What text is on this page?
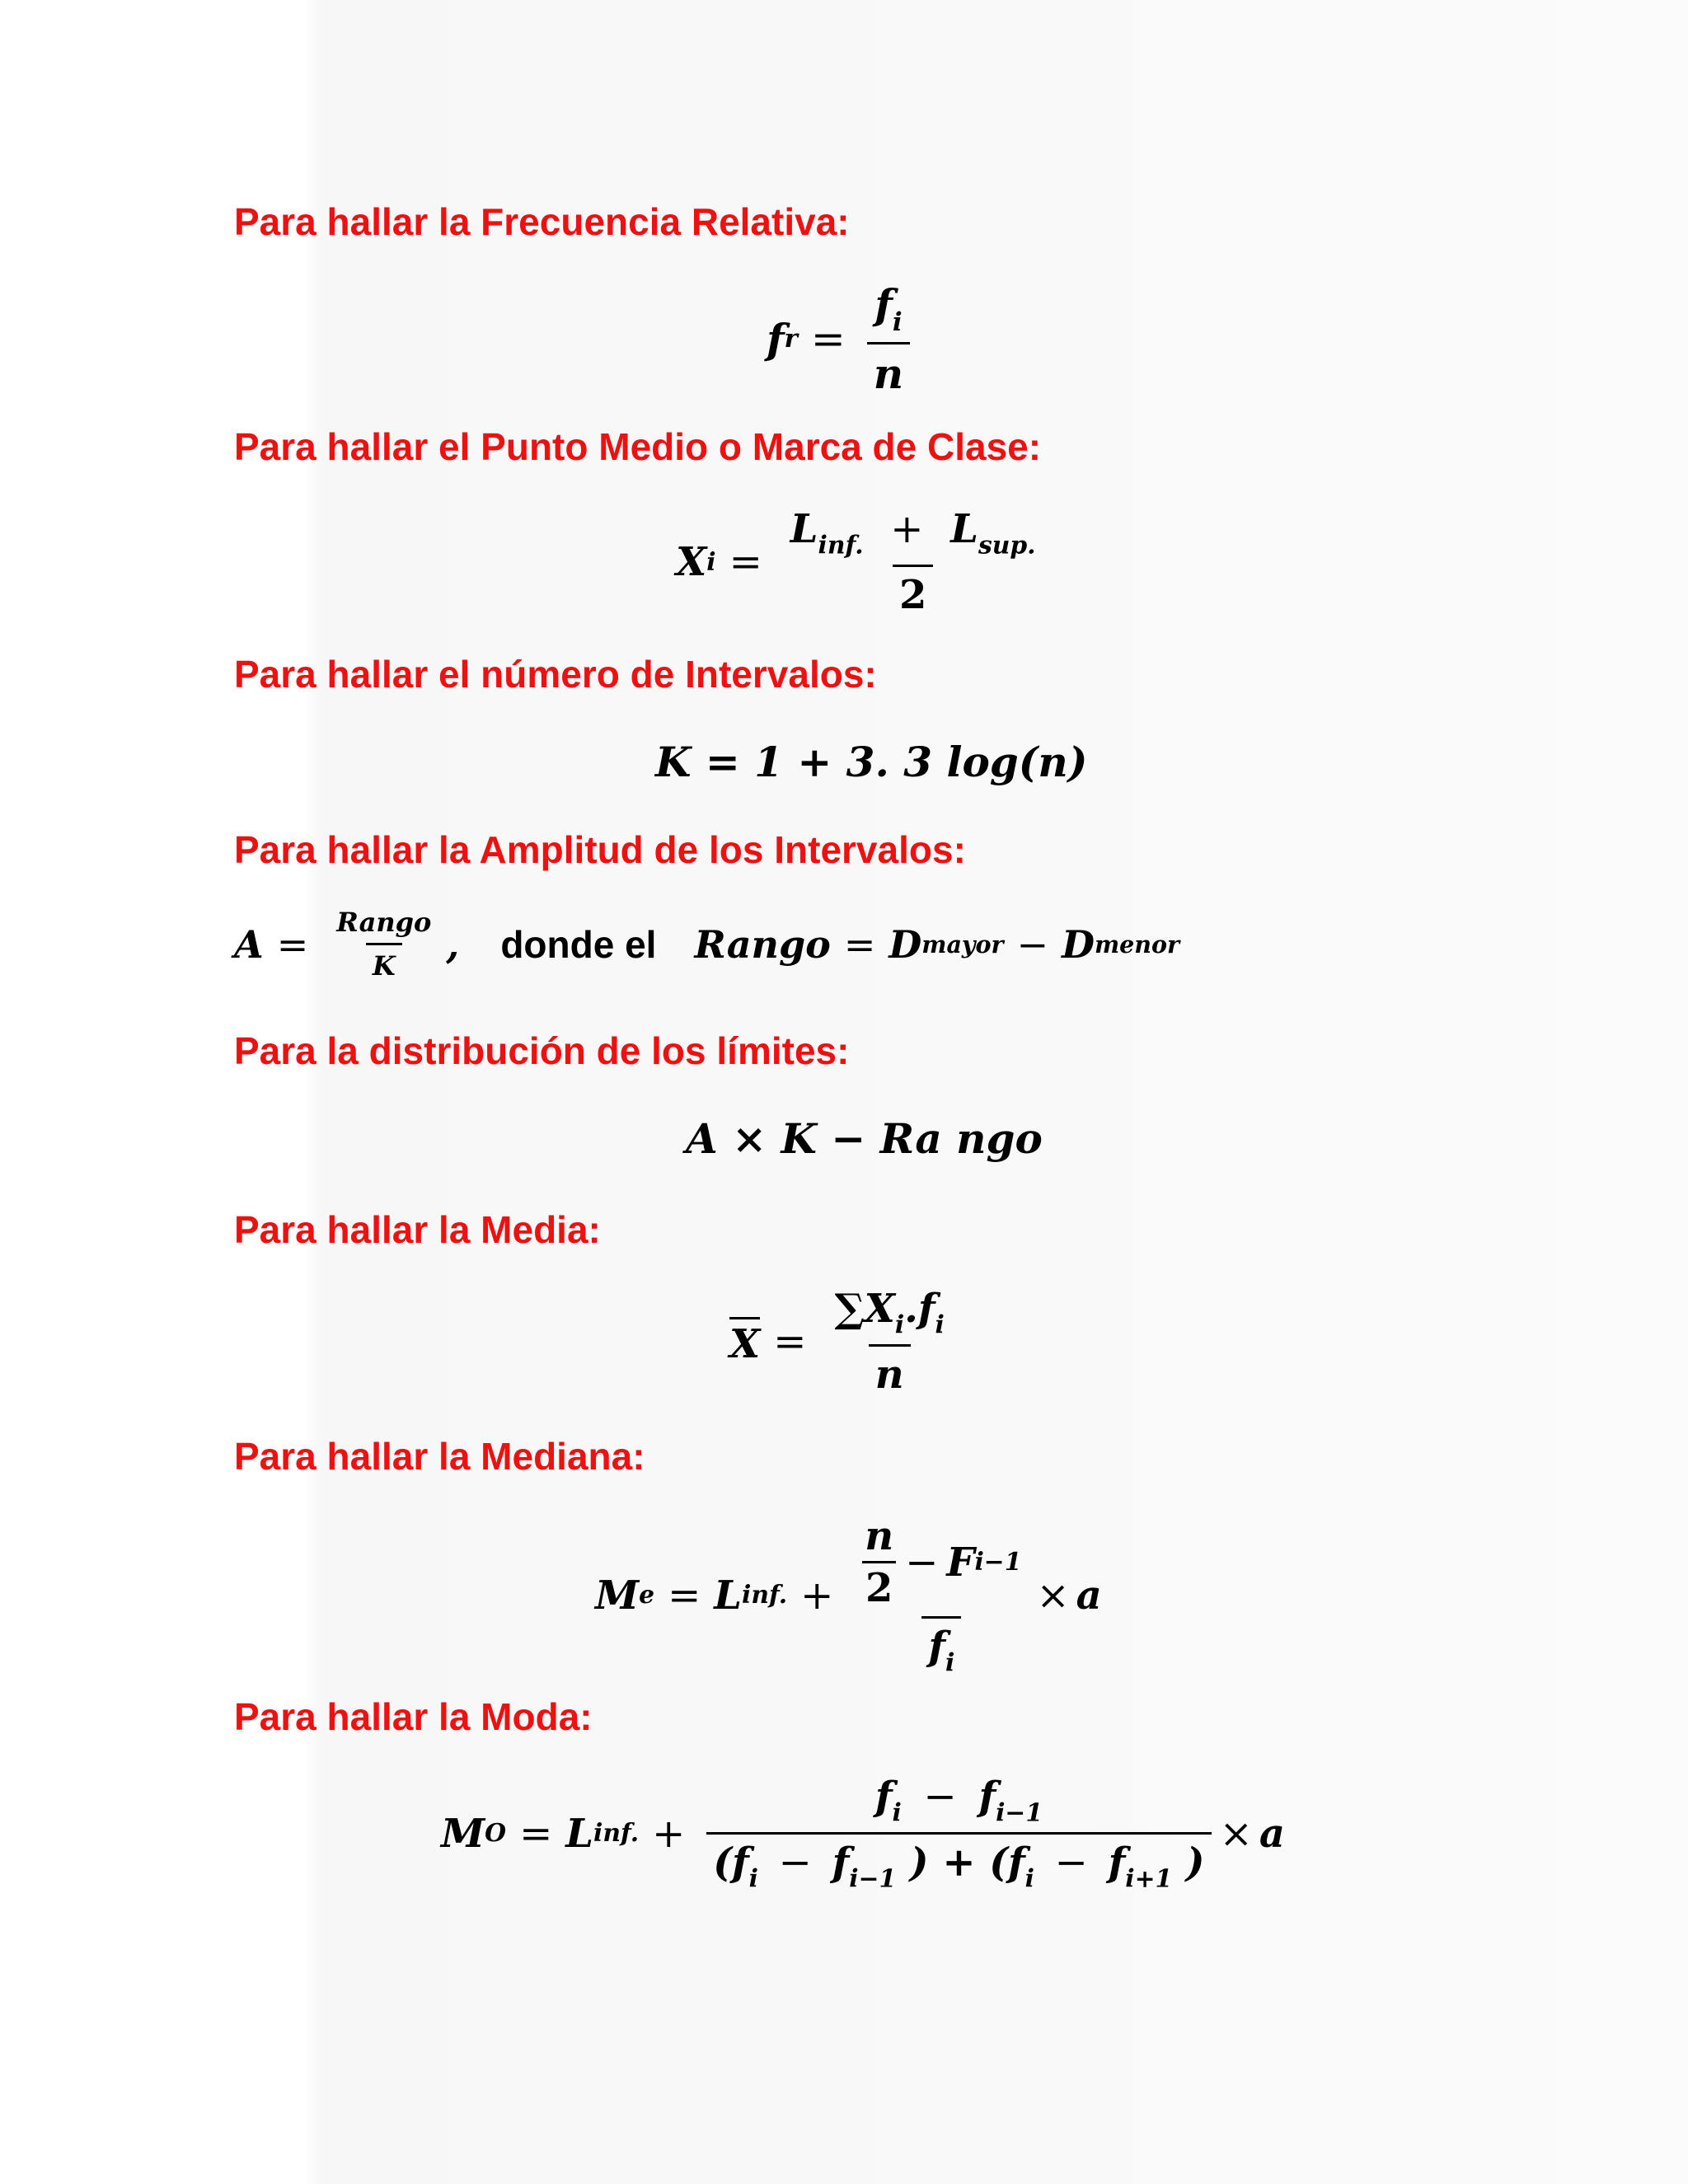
Para hallar la Frecuencia Relativa:

f $r = \frac{f_i}{n}$

Para hallar el Punto Medio o Marca de Clase:

X $i = \frac{L_{inf.} + L_{sup.}}{2}$

Para hallar el número de Intervalos:

K = 1 + 3. 3 log(n)

Para hallar la Amplitud de los Intervalos:

$A = \frac{\text{Rango}}{K}$ , donde el Rango = D mayor − D menor

Para la distribución de los límites:

A × K − Ra ngo

Para hallar la Media:

$X = \frac{\sum X_i.f_i}{n}$

Para hallar la Mediana:

M e = L inf. + $\frac{\frac{n}{2} - F i-1}{f_i} \times a$

Para hallar la Moda:

M O = L inf. +
$f_i - f_{i-1}$
($f_i - f_{i-1}$ ) + ($f_i - f_{i+1}$ )
× a
